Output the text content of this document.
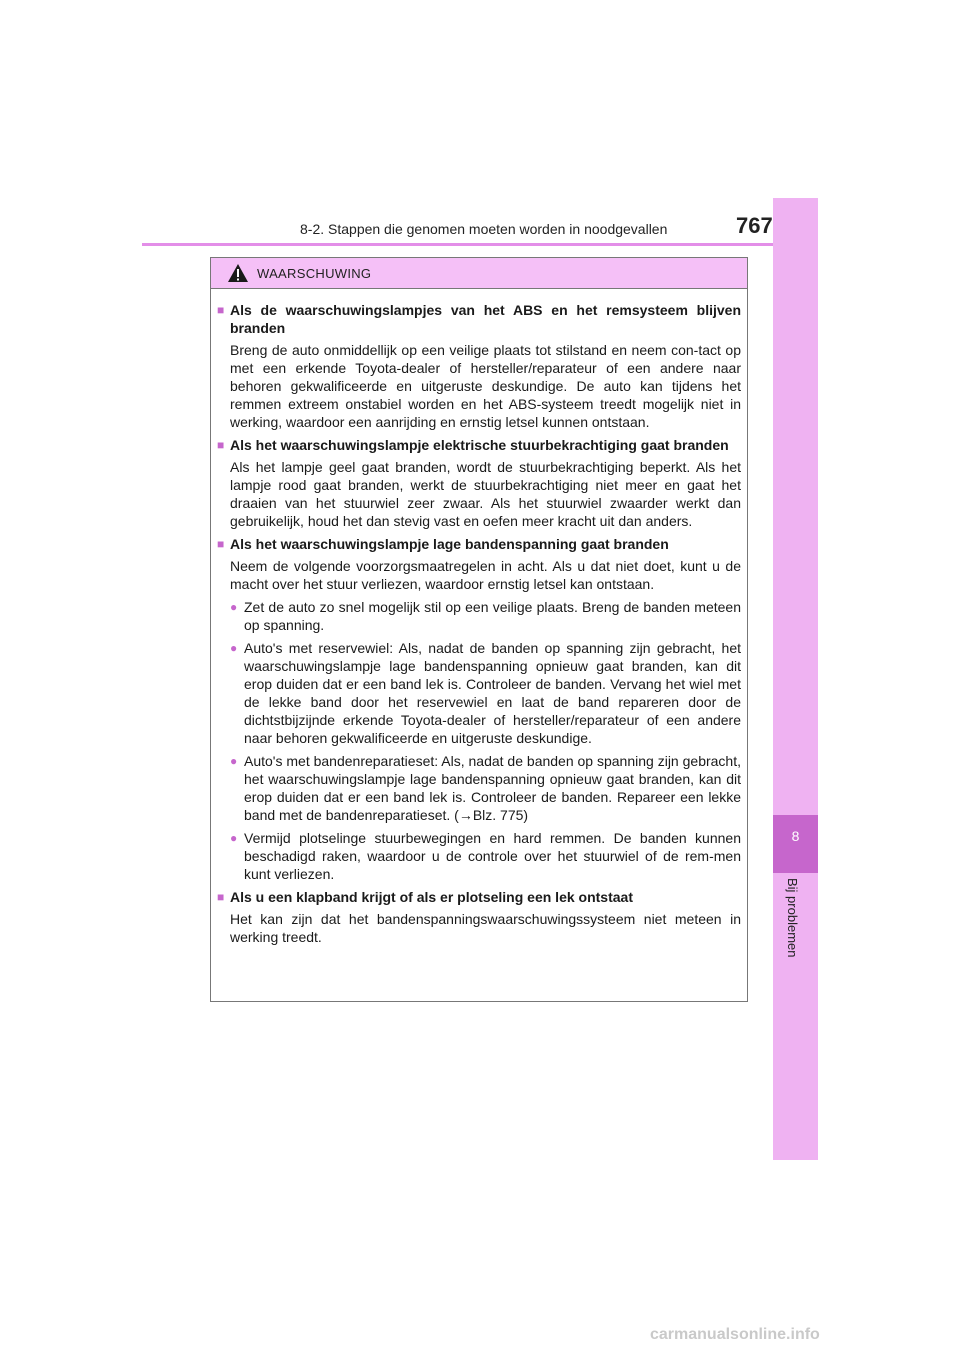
8-2. Stappen die genomen moeten worden in noodgevallen	767
8
WAARSCHUWING
■ Als de waarschuwingslampjes van het ABS en het remsysteem blijven branden
Breng de auto onmiddellijk op een veilige plaats tot stilstand en neem con-tact op met een erkende Toyota-dealer of hersteller/reparateur of een andere naar behoren gekwalificeerde en uitgeruste deskundige. De auto kan tijdens het remmen extreem onstabiel worden en het ABS-systeem treedt mogelijk niet in werking, waardoor een aanrijding en ernstig letsel kunnen ontstaan.
■ Als het waarschuwingslampje elektrische stuurbekrachtiging gaat branden
Als het lampje geel gaat branden, wordt de stuurbekrachtiging beperkt. Als het lampje rood gaat branden, werkt de stuurbekrachtiging niet meer en gaat het draaien van het stuurwiel zeer zwaar. Als het stuurwiel zwaarder werkt dan gebruikelijk, houd het dan stevig vast en oefen meer kracht uit dan anders.
■ Als het waarschuwingslampje lage bandenspanning gaat branden
Neem de volgende voorzorgsmaatregelen in acht. Als u dat niet doet, kunt u de macht over het stuur verliezen, waardoor ernstig letsel kan ontstaan.
● Zet de auto zo snel mogelijk stil op een veilige plaats. Breng de banden meteen op spanning.
● Auto's met reservewiel: Als, nadat de banden op spanning zijn gebracht, het waarschuwingslampje lage bandenspanning opnieuw gaat branden, kan dit erop duiden dat er een band lek is. Controleer de banden. Vervang het wiel met de lekke band door het reservewiel en laat de band repareren door de dichtstbijzijnde erkende Toyota-dealer of hersteller/reparateur of een andere naar behoren gekwalificeerde en uitgeruste deskundige.
● Auto's met bandenreparatieset: Als, nadat de banden op spanning zijn gebracht, het waarschuwingslampje lage bandenspanning opnieuw gaat branden, kan dit erop duiden dat er een band lek is. Controleer de banden. Repareer een lekke band met de bandenreparatieset. (→Blz. 775)
● Vermijd plotselinge stuurbewegingen en hard remmen. De banden kunnen beschadigd raken, waardoor u de controle over het stuurwiel of de rem-men kunt verliezen.
■ Als u een klapband krijgt of als er plotseling een lek ontstaat
Het kan zijn dat het bandenspanningswaarschuwingssysteem niet meteen in werking treedt.
carmanualsonline.info
